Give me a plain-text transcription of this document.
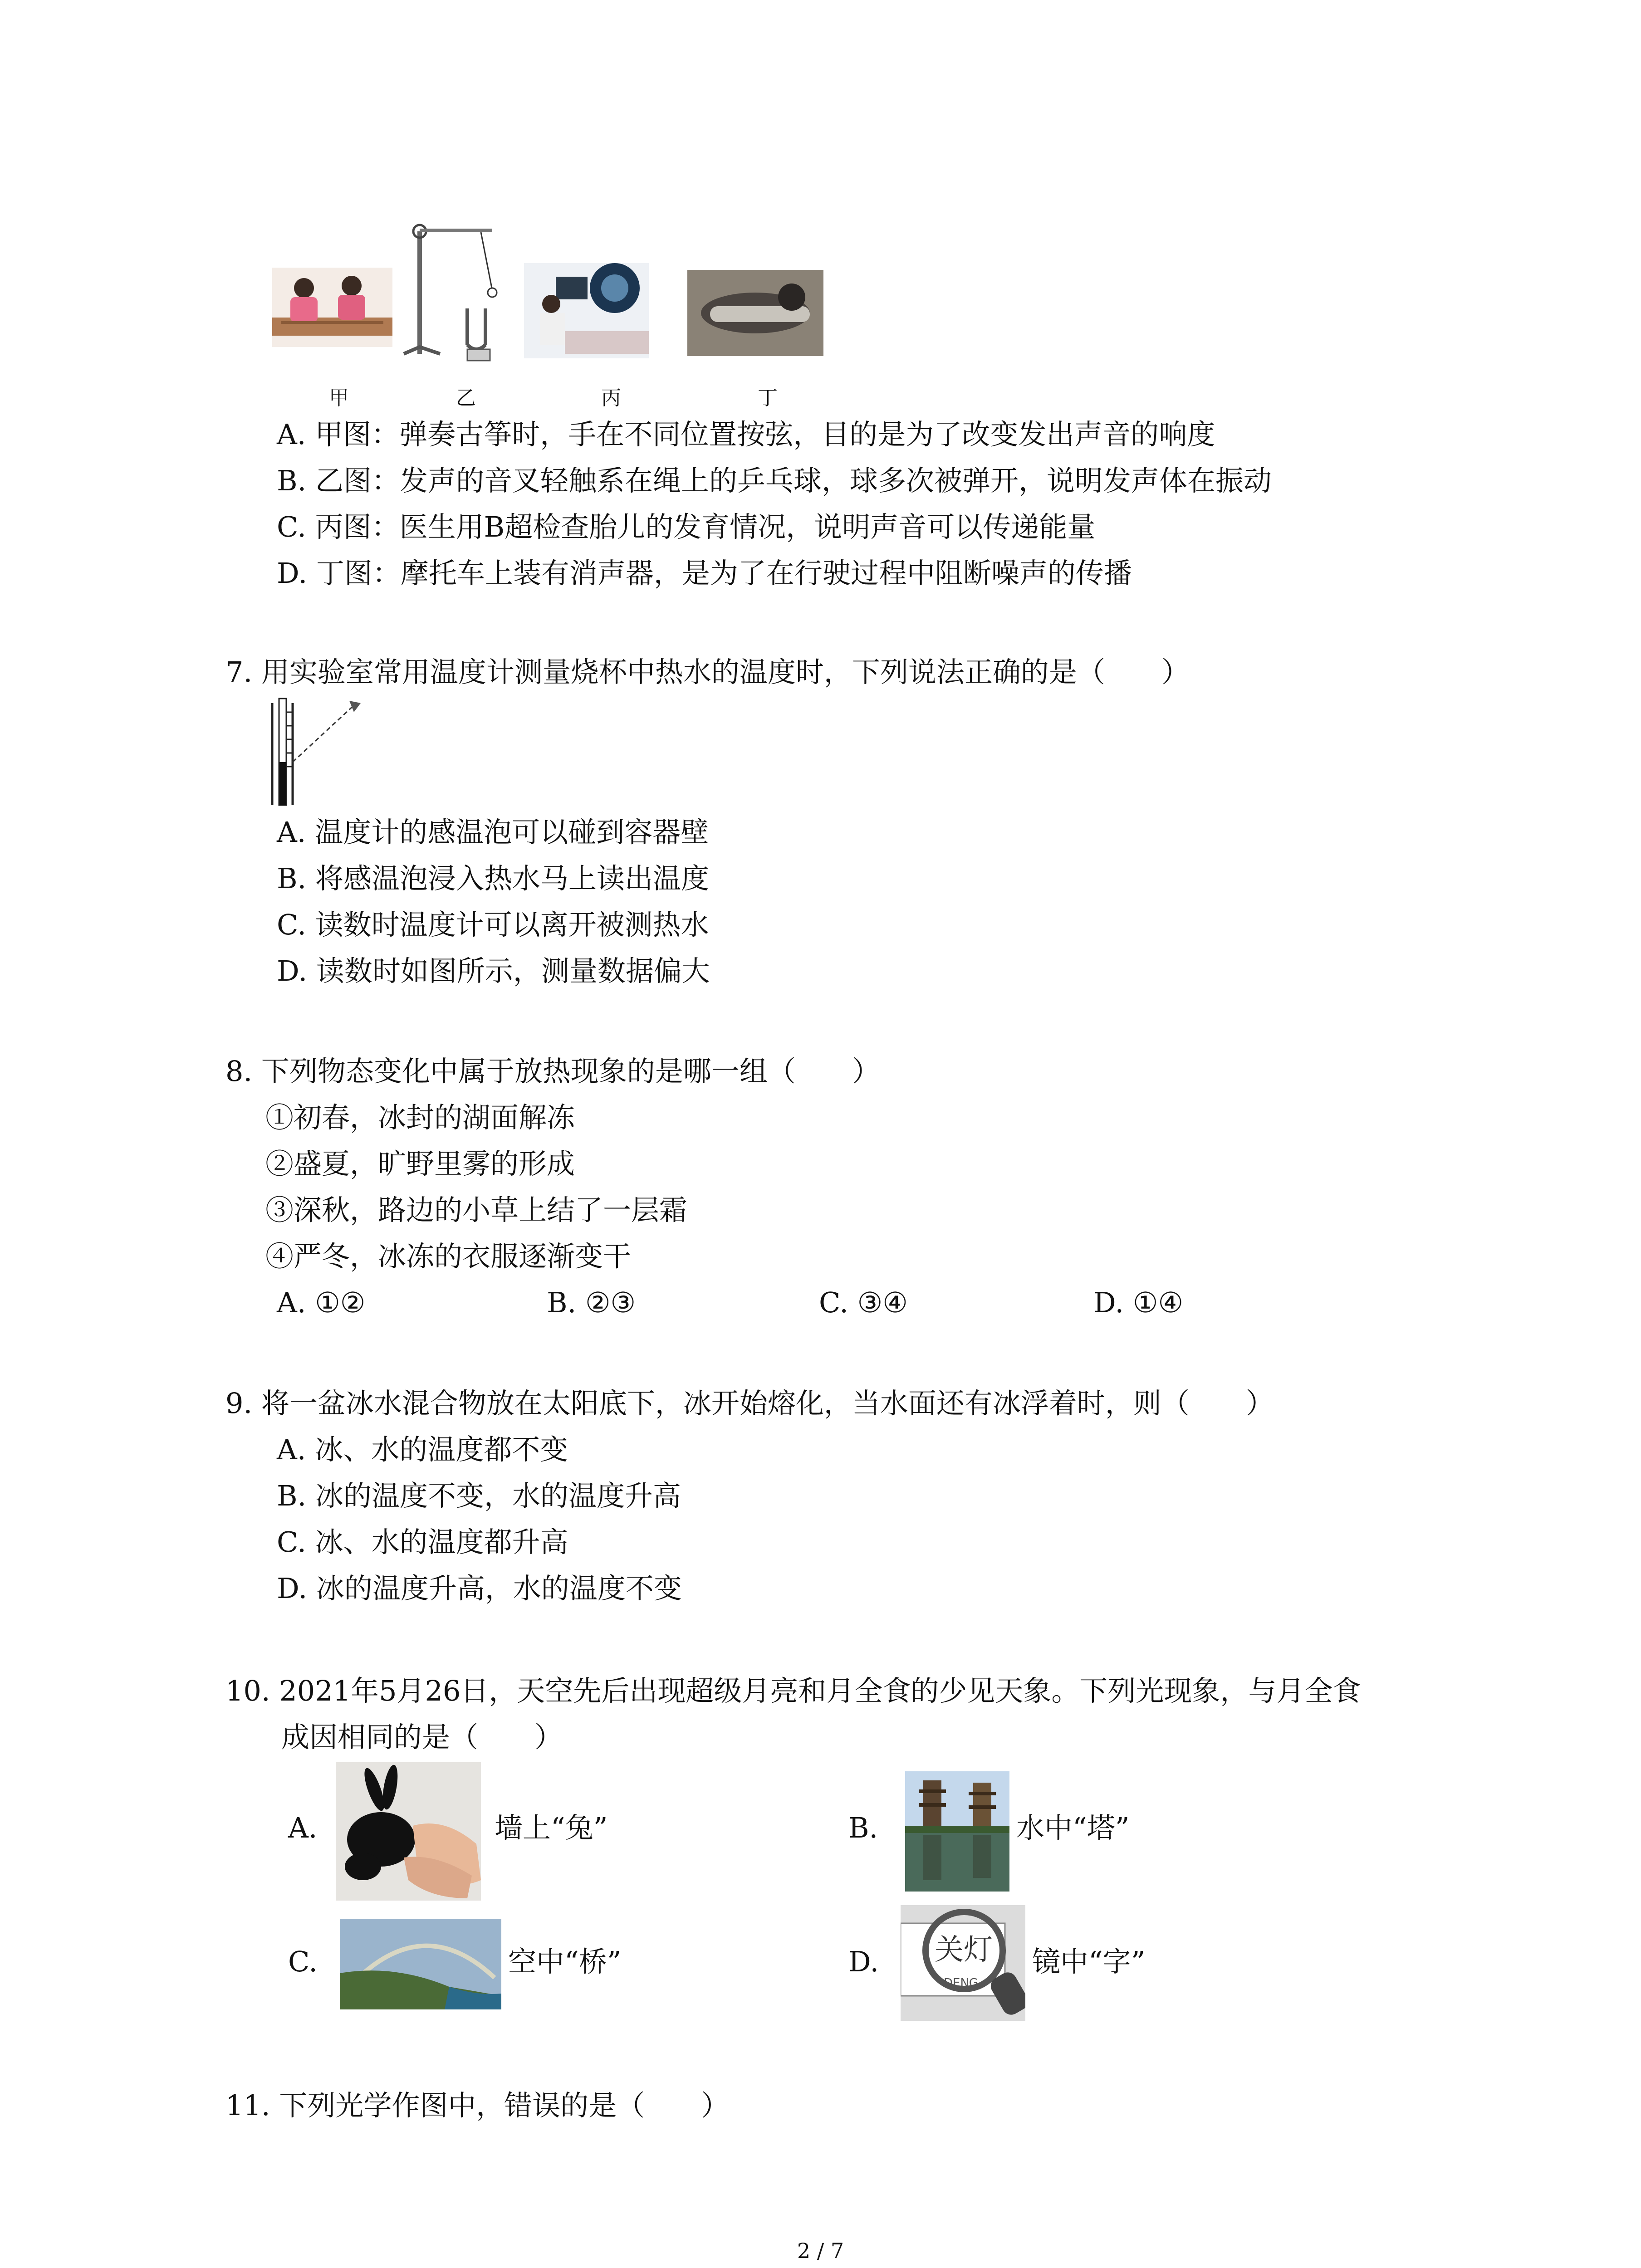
甲	乙	丙	丁
A. 甲图：弹奏古筝时，手在不同位置按弦，目的是为了改变发出声音的响度
B. 乙图：发声的音叉轻触系在绳上的乒乓球，球多次被弹开，说明发声体在振动
C. 丙图：医生用B超检查胎儿的发育情况，说明声音可以传递能量
D. 丁图：摩托车上装有消声器，是为了在行驶过程中阻断噪声的传播
7. 用实验室常用温度计测量烧杯中热水的温度时，下列说法正确的是（　　）
A. 温度计的感温泡可以碰到容器壁
B. 将感温泡浸入热水马上读出温度
C. 读数时温度计可以离开被测热水
D. 读数时如图所示，测量数据偏大
8. 下列物态变化中属于放热现象的是哪一组（　　）
①初春，冰封的湖面解冻
②盛夏，旷野里雾的形成
③深秋，路边的小草上结了一层霜
④严冬，冰冻的衣服逐渐变干
A. ①②	B. ②③	C. ③④	D. ①④
9. 将一盆冰水混合物放在太阳底下，冰开始熔化，当水面还有冰浮着时，则（　　）
A. 冰、水的温度都不变
B. 冰的温度不变，水的温度升高
C. 冰、水的温度都升高
D. 冰的温度升高，水的温度不变
10. 2021年5月26日，天空先后出现超级月亮和月全食的少见天象。下列光现象，与月全食
成因相同的是（　　）
A.	墙上“兔”	B.	水中“塔”
C.	空中“桥”	D. 关灯
DENG
镜中“字”
11. 下列光学作图中，错误的是（　　）
2 / 7
